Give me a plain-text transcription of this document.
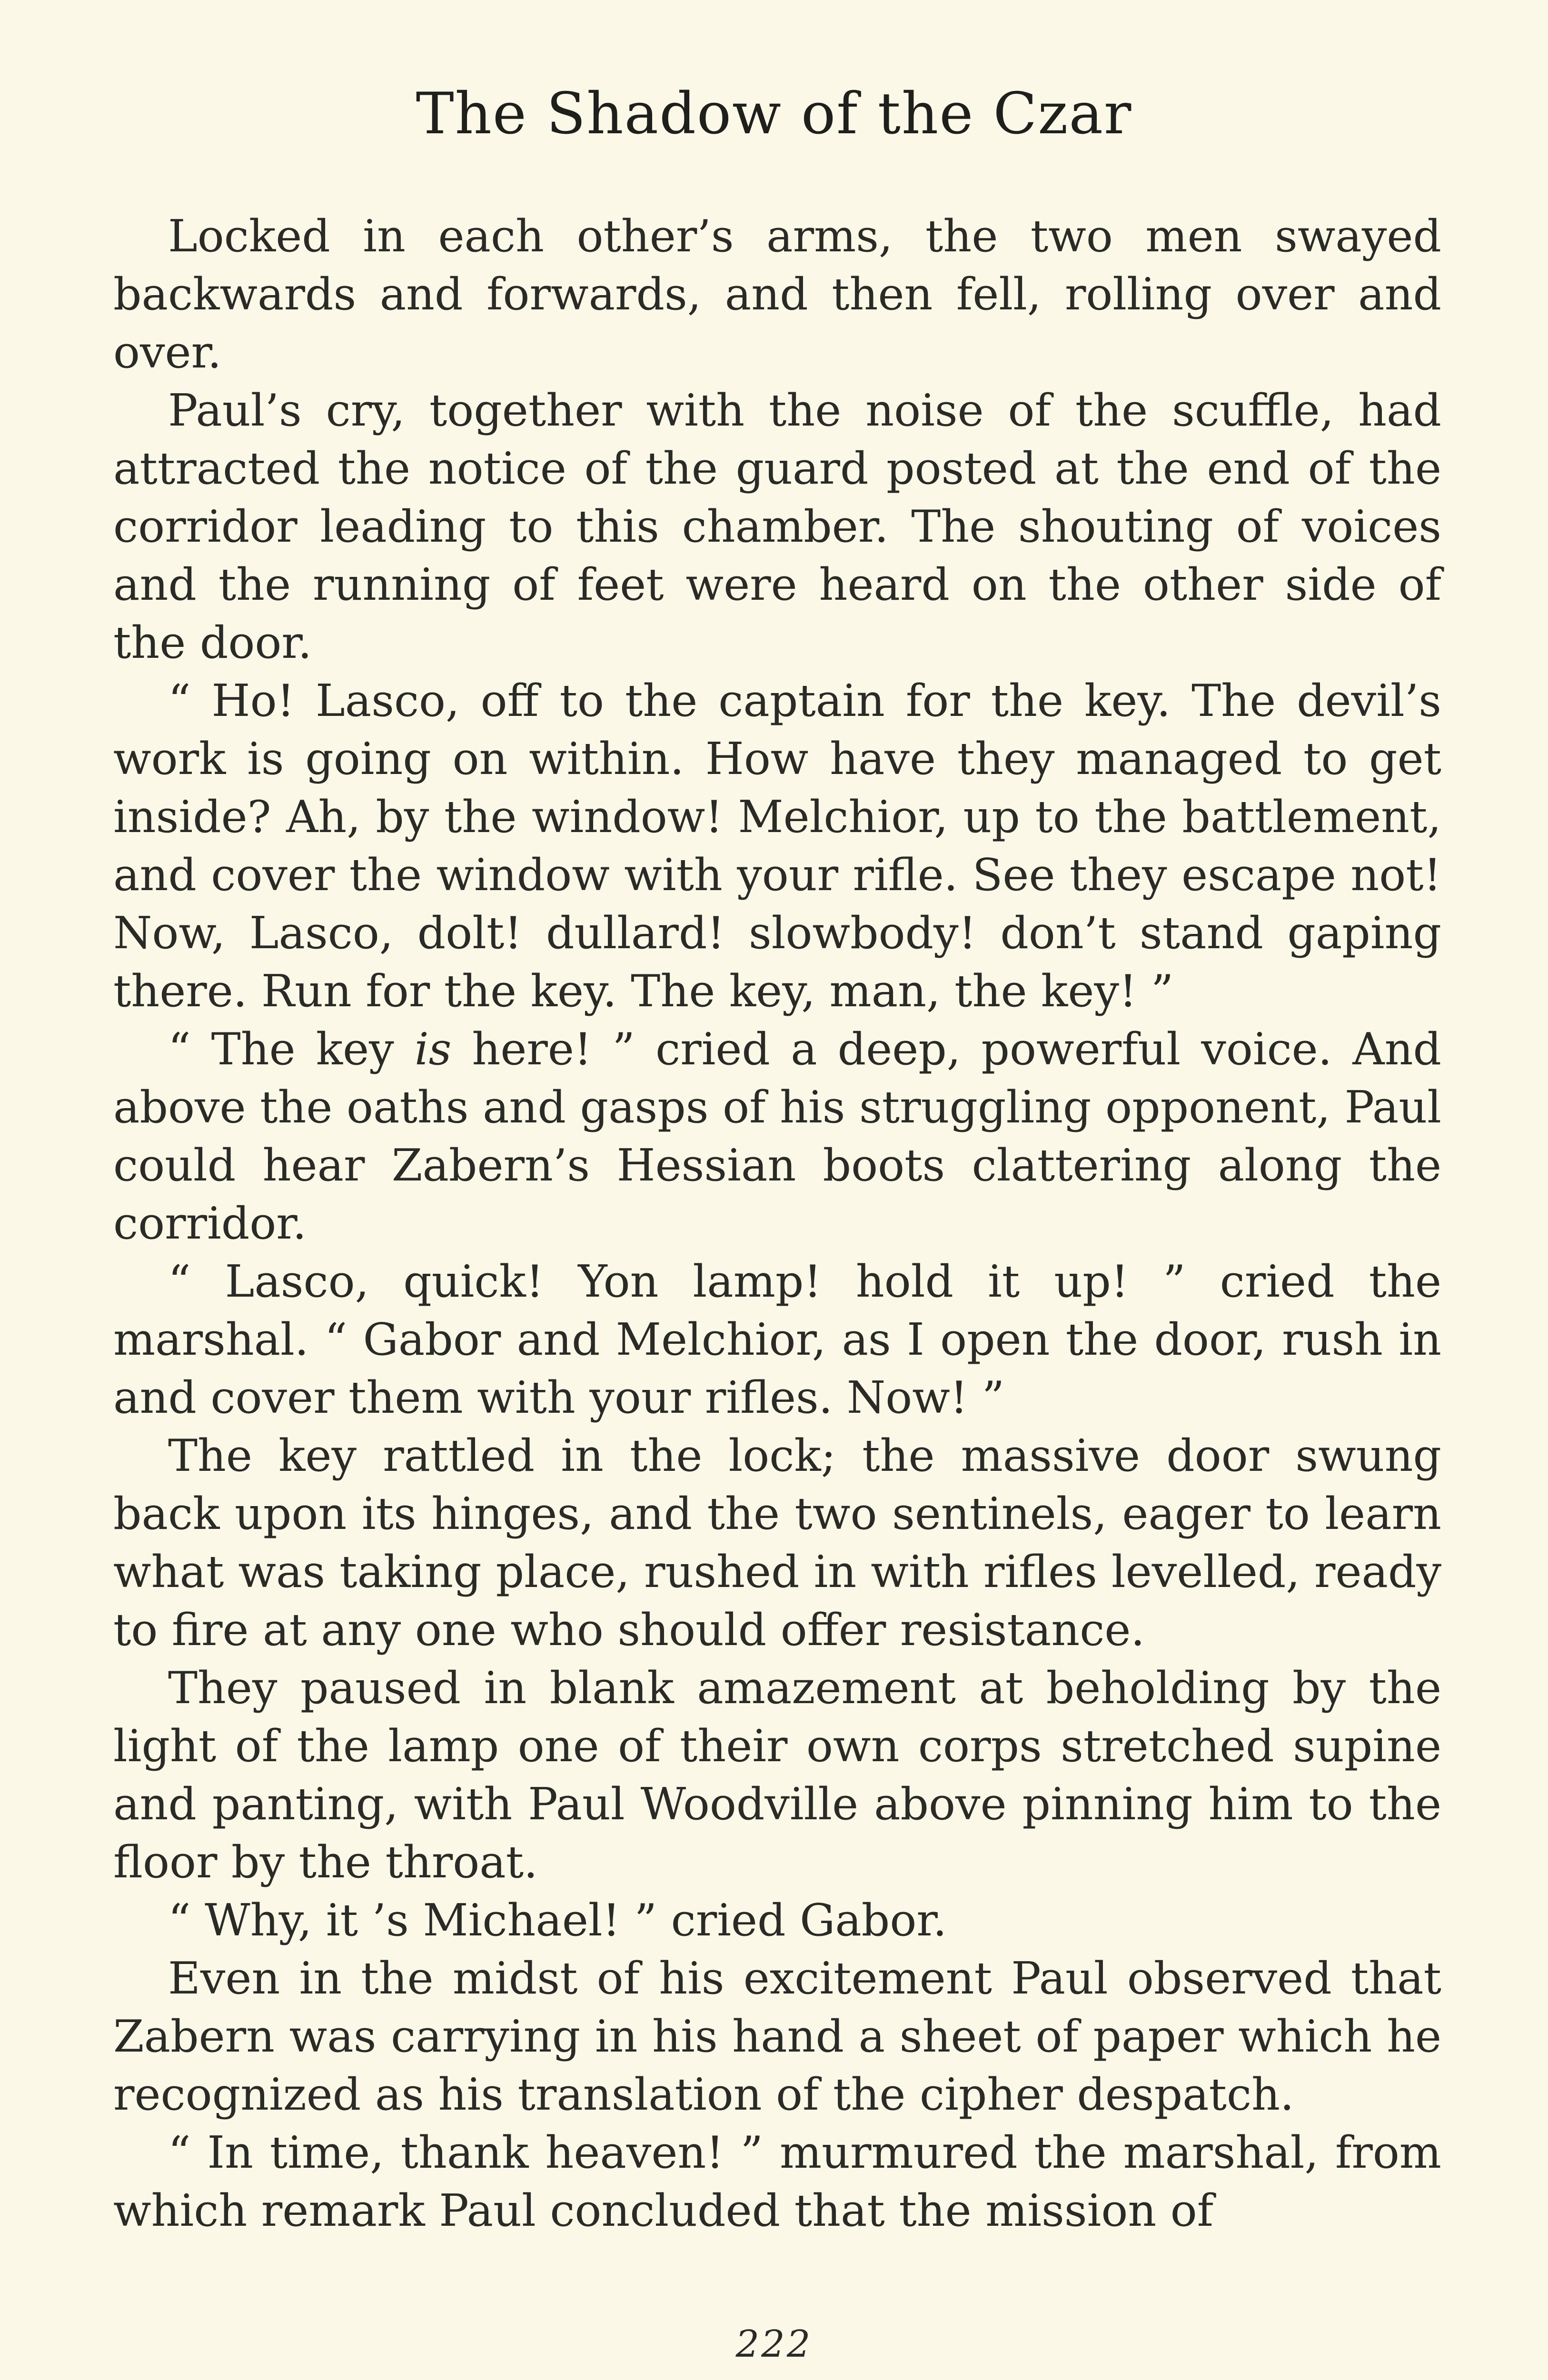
The Shadow of the Czar

Locked in each other’s arms, the two men swayed backwards and forwards, and then fell, rolling over and over.

Paul’s cry, together with the noise of the scuffle, had attracted the notice of the guard posted at the end of the corridor leading to this chamber. The shouting of voices and the running of feet were heard on the other side of the door.

“ Ho! Lasco, off to the captain for the key. The devil’s work is going on within. How have they managed to get inside? Ah, by the window! Melchior, up to the battlement, and cover the window with your rifle. See they escape not! Now, Lasco, dolt! dullard! slowbody! don’t stand gaping there. Run for the key. The key, man, the key! ”

“ The key is here! ” cried a deep, powerful voice. And above the oaths and gasps of his struggling opponent, Paul could hear Zabern’s Hessian boots clattering along the corridor.

“ Lasco, quick! Yon lamp! hold it up! ” cried the marshal. “ Gabor and Melchior, as I open the door, rush in and cover them with your rifles. Now! ”

The key rattled in the lock; the massive door swung back upon its hinges, and the two sentinels, eager to learn what was taking place, rushed in with rifles levelled, ready to fire at any one who should offer resistance.

They paused in blank amazement at beholding by the light of the lamp one of their own corps stretched supine and panting, with Paul Woodville above pinning him to the floor by the throat.

“ Why, it ’s Michael! ” cried Gabor.

Even in the midst of his excitement Paul observed that Zabern was carrying in his hand a sheet of paper which he recognized as his translation of the cipher despatch.

“ In time, thank heaven! ” murmured the marshal, from which remark Paul concluded that the mission of

222
